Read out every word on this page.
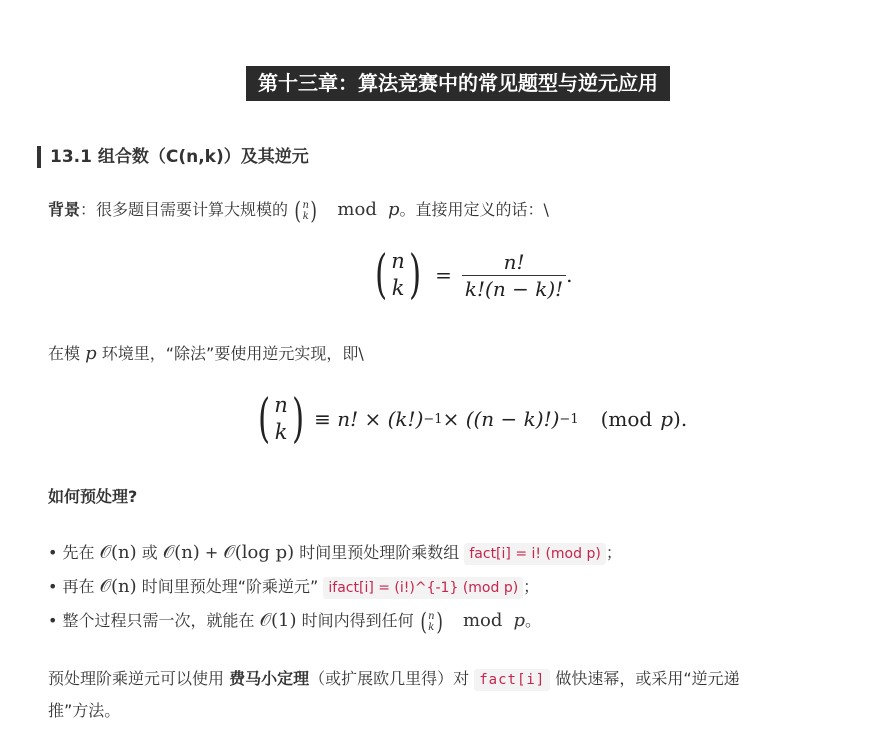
第十三章：算法竞赛中的常见题型与逆元应用
13.1 组合数（C(n,k)）及其逆元
背景：很多题目需要计算大规模的 ( n
k ) mod p。直接用定义的话：\
( n
k ) = $\frac{n!}{k!(n - k)!}$ .
在模 p 环境里，“除法”要使用逆元实现，即\
( n
k ) ≡ n! × (k!) −1 × ((n − k)!) −1 (mod p ).
如何预处理?
• 先在 𝒪(n) 或 𝒪(n) + 𝒪(log p) 时间里预处理阶乘数组 fact[i] = i! (mod p) ；
• 再在 𝒪(n) 时间里预处理“阶乘逆元” ifact[i] = (i!)^{-1} (mod p) ；
• 整个过程只需一次，就能在 𝒪(1) 时间内得到任何 ( n
k ) mod p。
预处理阶乘逆元可以使用 费马小定理（或扩展欧几里得）对 fact[i] 做快速幂，或采用“逆元递
推”方法。
